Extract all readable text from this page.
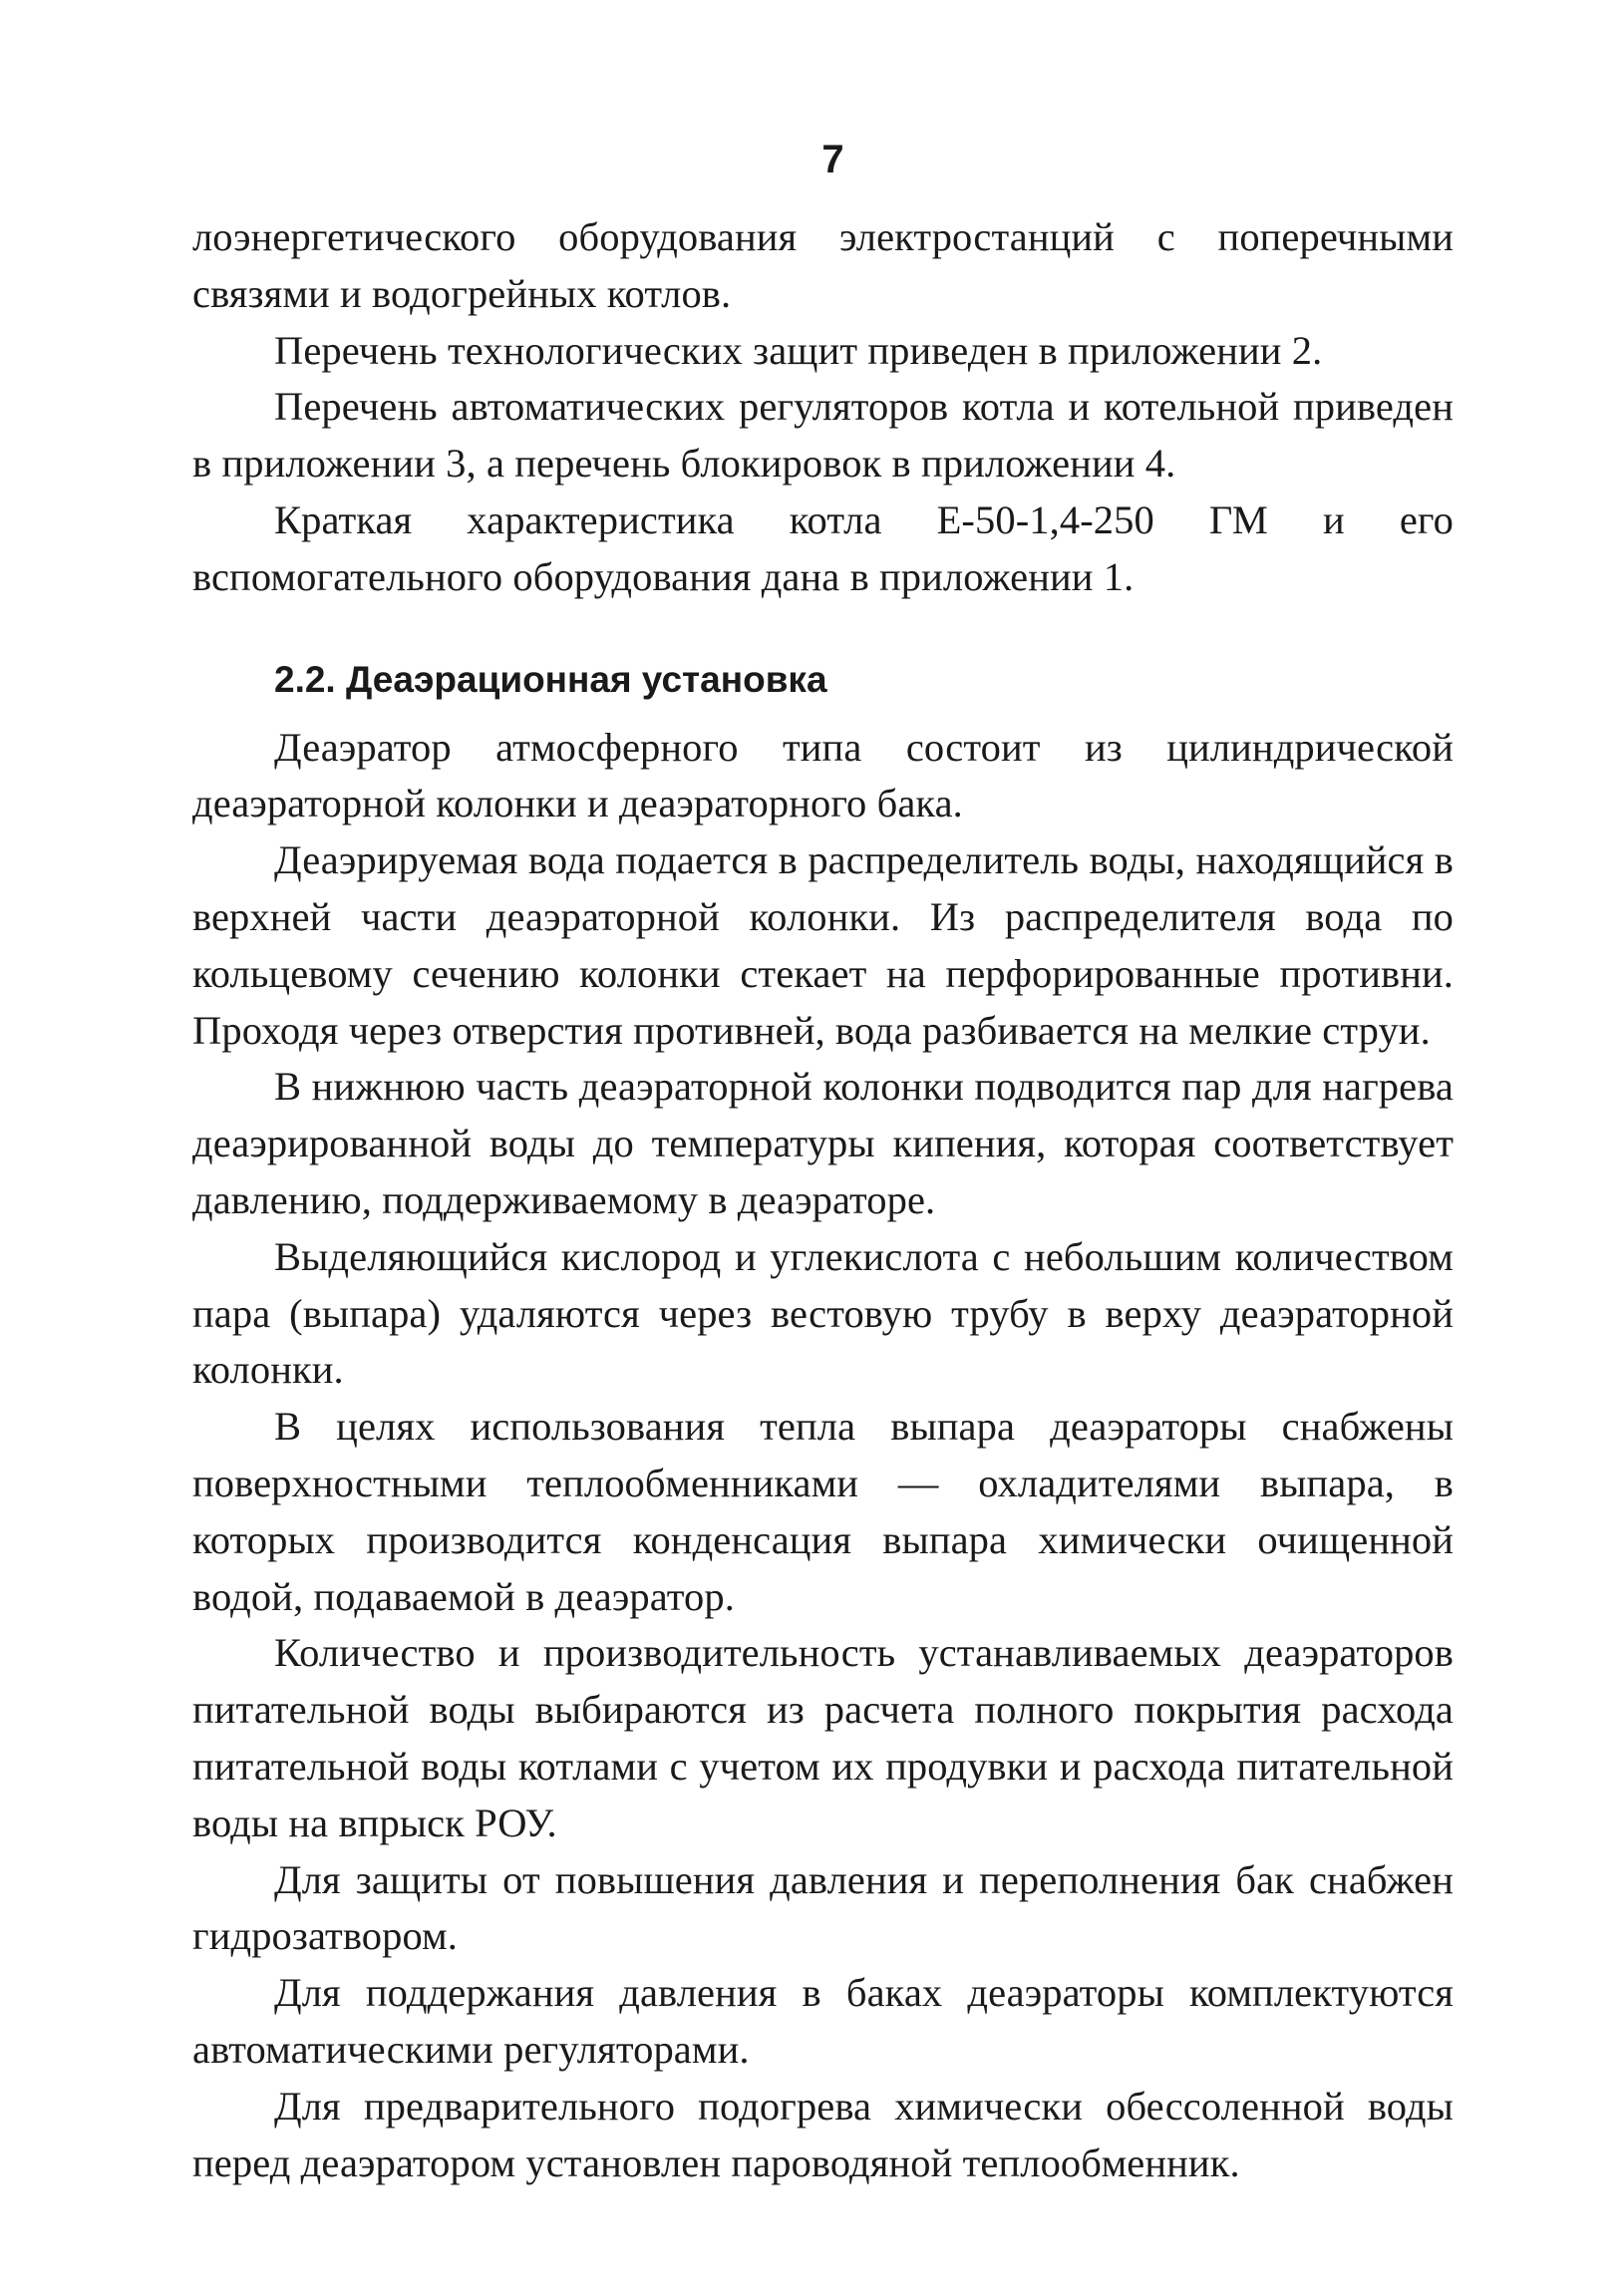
7

лоэнергетического оборудования электростанций с поперечными связями и водогрейных котлов.

Перечень технологических защит приведен в приложении 2.

Перечень автоматических регуляторов котла и котельной приведен в приложении 3, а перечень блокировок в приложении 4.

Краткая характеристика котла Е-50-1,4-250 ГМ и его вспомогательного оборудования дана в приложении 1.

2.2. Деаэрационная установка

Деаэратор атмосферного типа состоит из цилиндрической деаэраторной колонки и деаэраторного бака.

Деаэрируемая вода подается в распределитель воды, находящийся в верхней части деаэраторной колонки. Из распределителя вода по кольцевому сечению колонки стекает на перфорированные противни. Проходя через отверстия противней, вода разбивается на мелкие струи.

В нижнюю часть деаэраторной колонки подводится пар для нагрева деаэрированной воды до температуры кипения, которая соответствует давлению, поддерживаемому в деаэраторе.

Выделяющийся кислород и углекислота с небольшим количеством пара (выпара) удаляются через вестовую трубу в верху деаэраторной колонки.

В целях использования тепла выпара деаэраторы снабжены поверхностными теплообменниками — охладителями выпара, в которых производится конденсация выпара химически очищенной водой, подаваемой в деаэратор.

Количество и производительность устанавливаемых деаэраторов питательной воды выбираются из расчета полного покрытия расхода питательной воды котлами с учетом их продувки и расхода питательной воды на впрыск РОУ.

Для защиты от повышения давления и переполнения бак снабжен гидрозатвором.

Для поддержания давления в баках деаэраторы комплектуются автоматическими регуляторами.

Для предварительного подогрева химически обессоленной воды перед деаэратором установлен пароводяной теплообменник.
